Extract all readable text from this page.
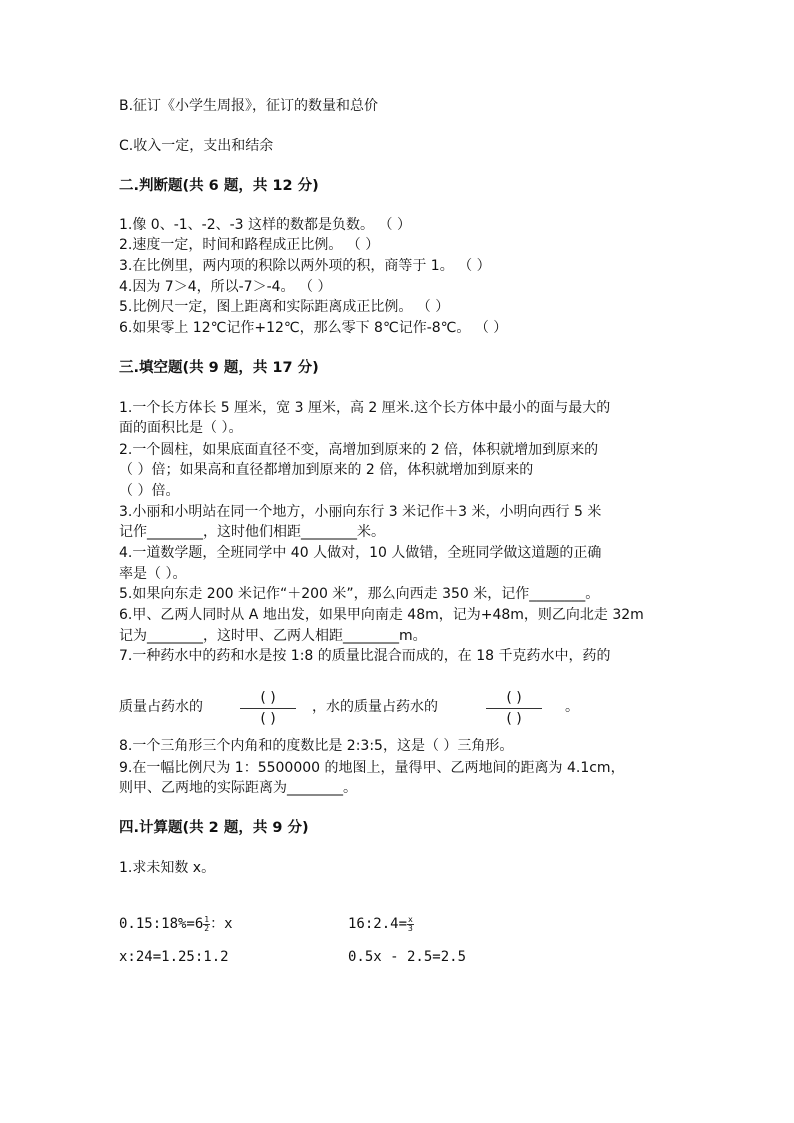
B.征订《小学生周报》，征订的数量和总价
C.收入一定，支出和结余
二.判断题(共 6 题，共 12 分)
1.像 0、-1、-2、-3 这样的数都是负数。 （ ）
2.速度一定，时间和路程成正比例。 （ ）
3.在比例里，两内项的积除以两外项的积，商等于 1。 （ ）
4.因为 7＞4，所以-7＞-4。 （ ）
5.比例尺一定，图上距离和实际距离成正比例。 （ ）
6.如果零上 12℃记作+12℃，那么零下 8℃记作-8℃。 （ ）
三.填空题(共 9 题，共 17 分)
1.一个长方体长 5 厘米，宽 3 厘米，高 2 厘米.这个长方体中最小的面与最大的
面的面积比是（ ）。
2.一个圆柱，如果底面直径不变，高增加到原来的 2 倍，体积就增加到原来的
（ ）倍；如果高和直径都增加到原来的 2 倍，体积就增加到原来的
（ ）倍。
3.小丽和小明站在同一个地方，小丽向东行 3 米记作＋3 米，小明向西行 5 米
记作________，这时他们相距________米。
4.一道数学题，全班同学中 40 人做对，10 人做错，全班同学做这道题的正确
率是（ ）。
5.如果向东走 200 米记作“＋200 米”，那么向西走 350 米，记作________。
6.甲、乙两人同时从 A 地出发，如果甲向南走 48m，记为+48m，则乙向北走 32m
记为________，这时甲、乙两人相距________m。
7.一种药水中的药和水是按 1:8 的质量比混合而成的，在 18 千克药水中，药的
质量占药水的
( )
( )
，水的质量占药水的
( )
( )
。
8.一个三角形三个内角和的度数比是 2:3:5，这是（ ）三角形。
9.在一幅比例尺为 1：5500000 的地图上，量得甲、乙两地间的距离为 4.1cm，
则甲、乙两地的实际距离为________。
四.计算题(共 2 题，共 9 分)
1.求未知数 x。
0.15:18%=6 $\frac{1}{2}$ ：x	16:2.4= $\frac{x}{3}$
x:24=1.25:1.2	0.5x - 2.5=2.5
